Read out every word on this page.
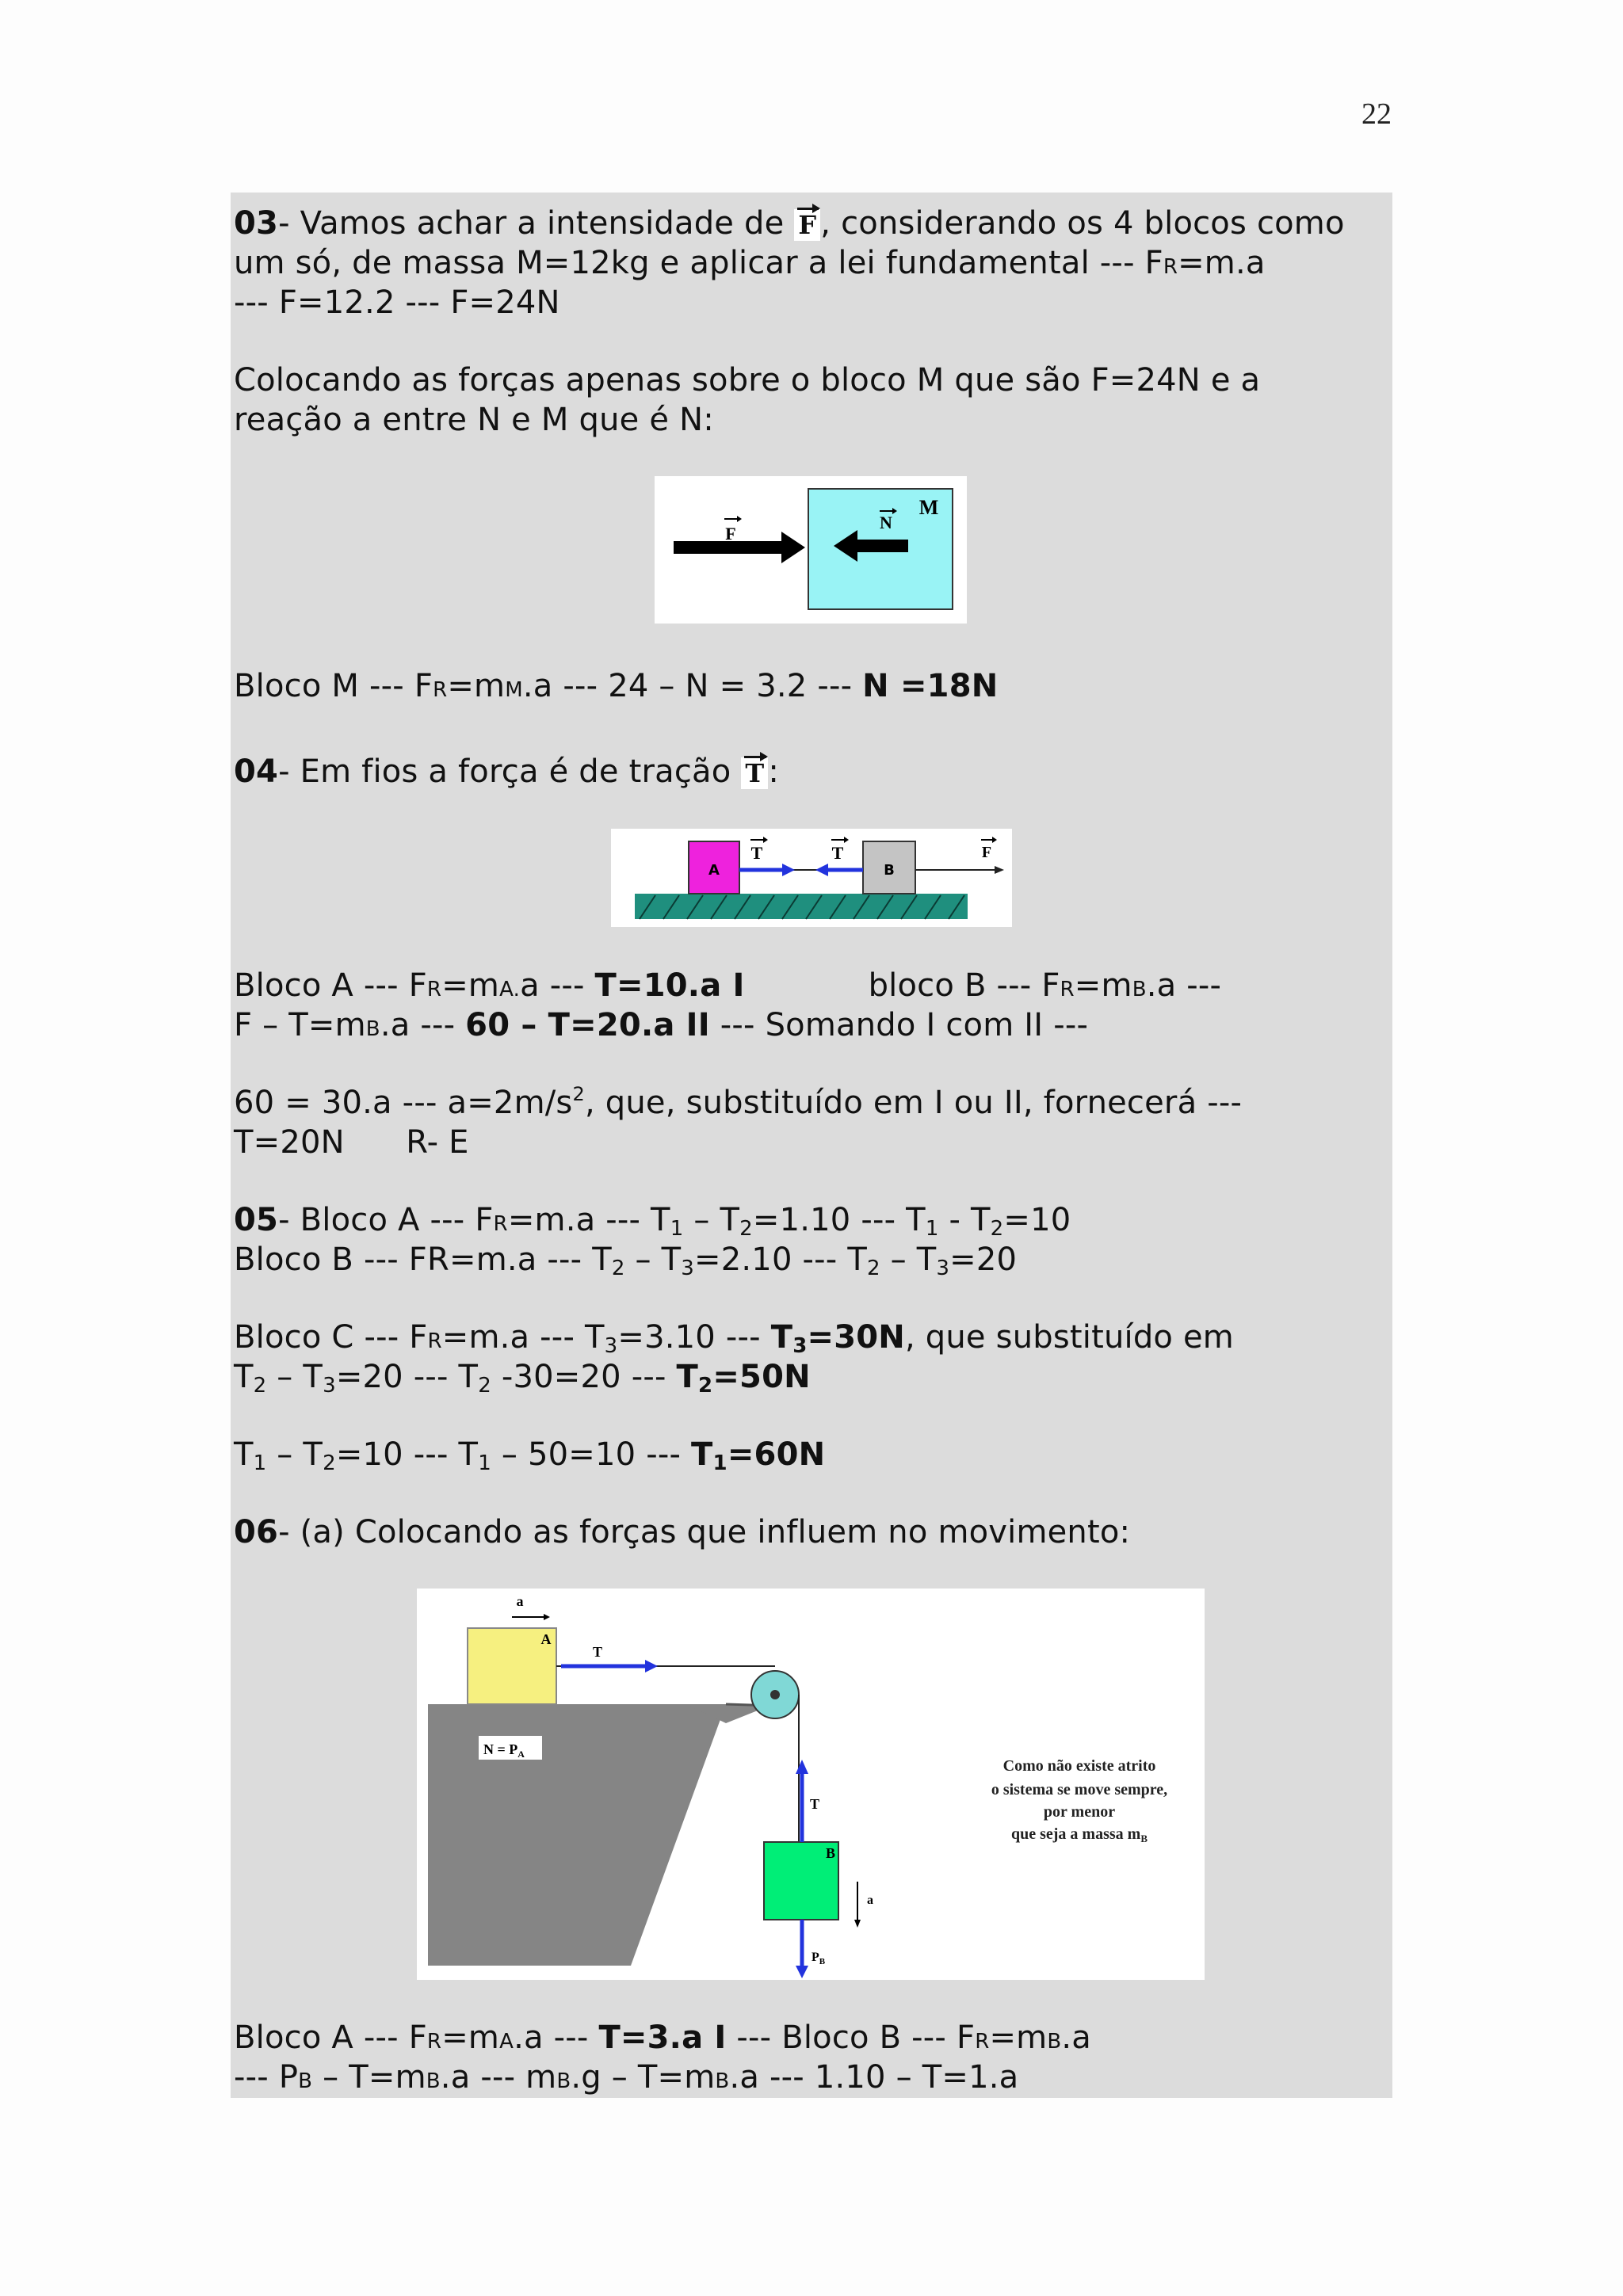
22
03- Vamos achar a intensidade de F , considerando os 4 blocos como
um só, de massa M=12kg e aplicar a lei fundamental --- FR=m.a
--- F=12.2 --- F=24N
Colocando as forças apenas sobre o bloco M que são F=24N e a
reação a entre N e M que é N:
F
N
M
Bloco M --- FR=mM.a --- 24 – N = 3.2 --- N =18N
04- Em fios a força é de tração T :
A	B
T	T	F
Bloco A --- FR=mA.a --- T=10.a I	bloco B --- FR=mB.a ---
F – T=mB.a --- 60 – T=20.a II --- Somando I com II ---
60 = 30.a --- $a=2m/s^2$, que, substituído em I ou II, fornecerá ---
T=20N      R- E
05- Bloco A --- FR=m.a --- $T_1 - T_2=1.10$ --- $T_1 - T_2=10$
Bloco B --- FR=m.a --- $T_2 - T_3=2.10$ --- $T_2 - T_3=20$
Bloco C --- FR=m.a --- $T_3=3.10$ --- $T_3=30N$, que substituído em
$T_2 - T_3=20$ --- $T_2$ -30=20 --- $T_2=50N$
$T_1 - T_2=10$ --- $T_1 - 50=10$ --- $T_1=60N$
06- (a) Colocando as forças que influem no movimento:
A
a
T
$N = P_A$
B
T
$P_B$
a
Como não existe atrito
o sistema se move sempre,
por menor
que seja a massa $m_B$
Bloco A --- FR=mA.a --- T=3.a I --- Bloco B --- FR=mB.a
--- PB – T=mB.a --- mB.g – T=mB.a --- 1.10 – T=1.a
